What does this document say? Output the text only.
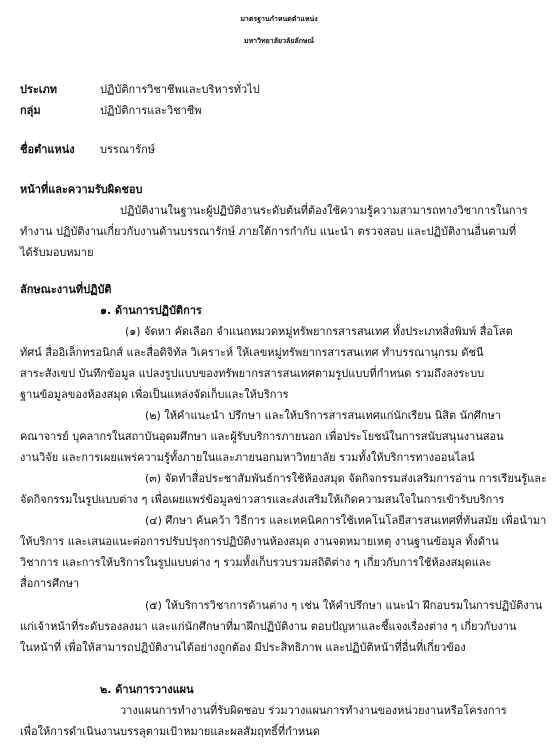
มาตรฐานกำหนดตำแหน่ง
มหาวิทยาลัยวลัยลักษณ์
ประเภท	ปฏิบัติการวิชาชีพและบริหารทั่วไป
กลุ่ม	ปฏิบัติการและวิชาชีพ
ชื่อตำแหน่ง บรรณารักษ์
หน้าที่และความรับผิดชอบ
ปฏิบัติงานในฐานะผู้ปฏิบัติงานระดับต้นที่ต้องใช้ความรู้ความสามารถทางวิชาการในการ
ทำงาน ปฏิบัติงานเกี่ยวกับงานด้านบรรณารักษ์ ภายใต้การกำกับ แนะนำ ตรวจสอบ และปฏิบัติงานอื่นตามที่
ได้รับมอบหมาย
ลักษณะงานที่ปฏิบัติ
๑. ด้านการปฏิบัติการ
(๑) จัดหา คัดเลือก จำแนกหมวดหมู่ทรัพยากรสารสนเทศ ทั้งประเภทสิ่งพิมพ์ สื่อโสต
ทัศน์ สื่ออิเล็กทรอนิกส์ และสื่อดิจิทัล วิเคราะห์ ให้เลขหมู่ทรัพยากรสารสนเทศ ทำบรรณานุกรม ดัชนี
สาระสังเขป บันทึกข้อมูล แปลงรูปแบบของทรัพยากรสารสนเทศตามรูปแบบที่กำหนด รวมถึงลงระบบ
ฐานข้อมูลของห้องสมุด เพื่อเป็นแหล่งจัดเก็บและให้บริการ
(๒) ให้คำแนะนำ ปรึกษา และให้บริการสารสนเทศแก่นักเรียน นิสิต นักศึกษา
คณาจารย์ บุคลากรในสถาบันอุดมศึกษา และผู้รับบริการภายนอก เพื่อประโยชน์ในการสนับสนุนงานสอน
งานวิจัย และการเผยแพร่ความรู้ทั้งภายในและภายนอกมหาวิทยาลัย รวมทั้งให้บริการทางออนไลน์
(๓) จัดทำสื่อประชาสัมพันธ์การใช้ห้องสมุด จัดกิจกรรมส่งเสริมการอ่าน การเรียนรู้และ
จัดกิจกรรมในรูปแบบต่าง ๆ เพื่อเผยแพร่ข้อมูลข่าวสารและส่งเสริมให้เกิดความสนใจในการเข้ารับบริการ
(๔) ศึกษา ค้นคว้า วิธีการ และเทคนิคการใช้เทคโนโลยีสารสนเทศที่ทันสมัย เพื่อนำมา
ให้บริการ และเสนอแนะต่อการปรับปรุงการปฏิบัติงานห้องสมุด งานจดหมายเหตุ งานฐานข้อมูล ทั้งด้าน
วิชาการ และการให้บริการในรูปแบบต่าง ๆ รวมทั้งเก็บรวบรวมสถิติต่าง ๆ เกี่ยวกับการใช้ห้องสมุดและ
สื่อการศึกษา
(๕) ให้บริการวิชาการด้านต่าง ๆ เช่น ให้คำปรึกษา แนะนำ ฝึกอบรมในการปฏิบัติงาน
แก่เจ้าหน้าที่ระดับรองลงมา และแก่นักศึกษาที่มาฝึกปฏิบัติงาน ตอบปัญหาและชี้แจงเรื่องต่าง ๆ เกี่ยวกับงาน
ในหน้าที่ เพื่อให้สามารถปฏิบัติงานได้อย่างถูกต้อง มีประสิทธิภาพ และปฏิบัติหน้าที่อื่นที่เกี่ยวข้อง
๒. ด้านการวางแผน
วางแผนการทำงานที่รับผิดชอบ ร่วมวางแผนการทำงานของหน่วยงานหรือโครงการ
เพื่อให้การดำเนินงานบรรลุตามเป้าหมายและผลสัมฤทธิ์ที่กำหนด
